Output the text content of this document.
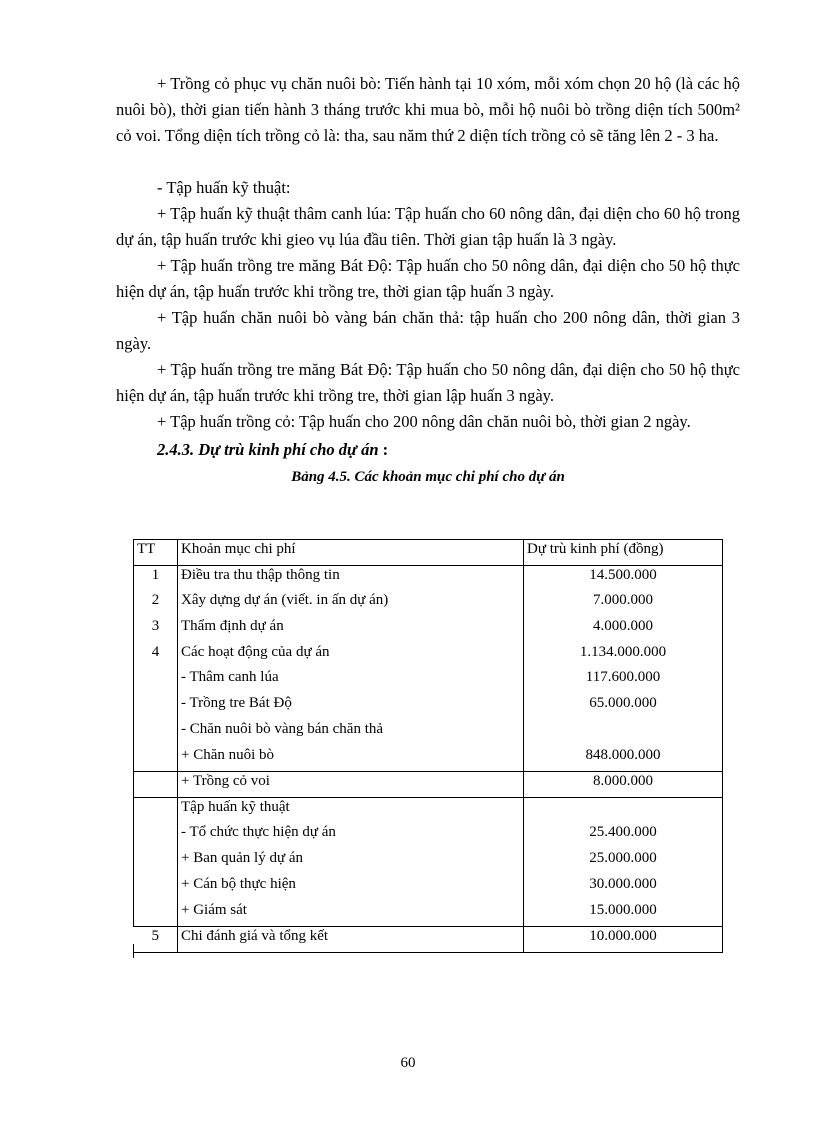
+ Trồng cỏ phục vụ chăn nuôi bò: Tiến hành tại 10 xóm, mỗi xóm chọn 20 hộ (là các hộ nuôi bò), thời gian tiến hành 3 tháng trước khi mua bò, mỗi hộ nuôi bò trồng diện tích 500m² cỏ voi. Tổng diện tích trồng cỏ là: tha, sau năm thứ 2 diện tích trồng cỏ sẽ tăng lên 2 - 3 ha.

- Tập huấn kỹ thuật:

+ Tập huấn kỹ thuật thâm canh lúa: Tập huấn cho 60 nông dân, đại diện cho 60 hộ trong dự án, tập huấn trước khi gieo vụ lúa đầu tiên. Thời gian tập huấn là 3 ngày.

+ Tập huấn trồng tre măng Bát Độ: Tập huấn cho 50 nông dân, đại diện cho 50 hộ thực hiện dự án, tập huấn trước khi trồng tre, thời gian tập huấn 3 ngày.

+ Tập huấn chăn nuôi bò vàng bán chăn thả: tập huấn cho 200 nông dân, thời gian 3 ngày.

+ Tập huấn trồng tre măng Bát Độ: Tập huấn cho 50 nông dân, đại diện cho 50 hộ thực hiện dự án, tập huấn trước khi trồng tre, thời gian lập huấn 3 ngày.

+ Tập huấn trồng cỏ: Tập huấn cho 200 nông dân chăn nuôi bò, thời gian 2 ngày.

2.4.3. Dự trù kinh phí cho dự án :
Bảng 4.5. Các khoản mục chi phí cho dự án
TT	Khoản mục chi phí	Dự trù kinh phí (đồng)
1	Điều tra thu thập thông tin	14.500.000
2	Xây dựng dự án (viết. in ấn dự án)	7.000.000
3	Thẩm định dự án	4.000.000
4	Các hoạt động của dự án	1.134.000.000
	- Thâm canh lúa	117.600.000
	- Trồng tre Bát Độ	65.000.000
	- Chăn nuôi bò vàng bán chăn thả	
	+ Chăn nuôi bò	848.000.000
	+ Trồng cỏ voi	8.000.000
	Tập huấn kỹ thuật	
	- Tổ chức thực hiện dự án	25.400.000
	+ Ban quản lý dự án	25.000.000
	+ Cán bộ thực hiện	30.000.000
	+ Giám sát	15.000.000
5	Chi đánh giá và tổng kết	10.000.000
60
